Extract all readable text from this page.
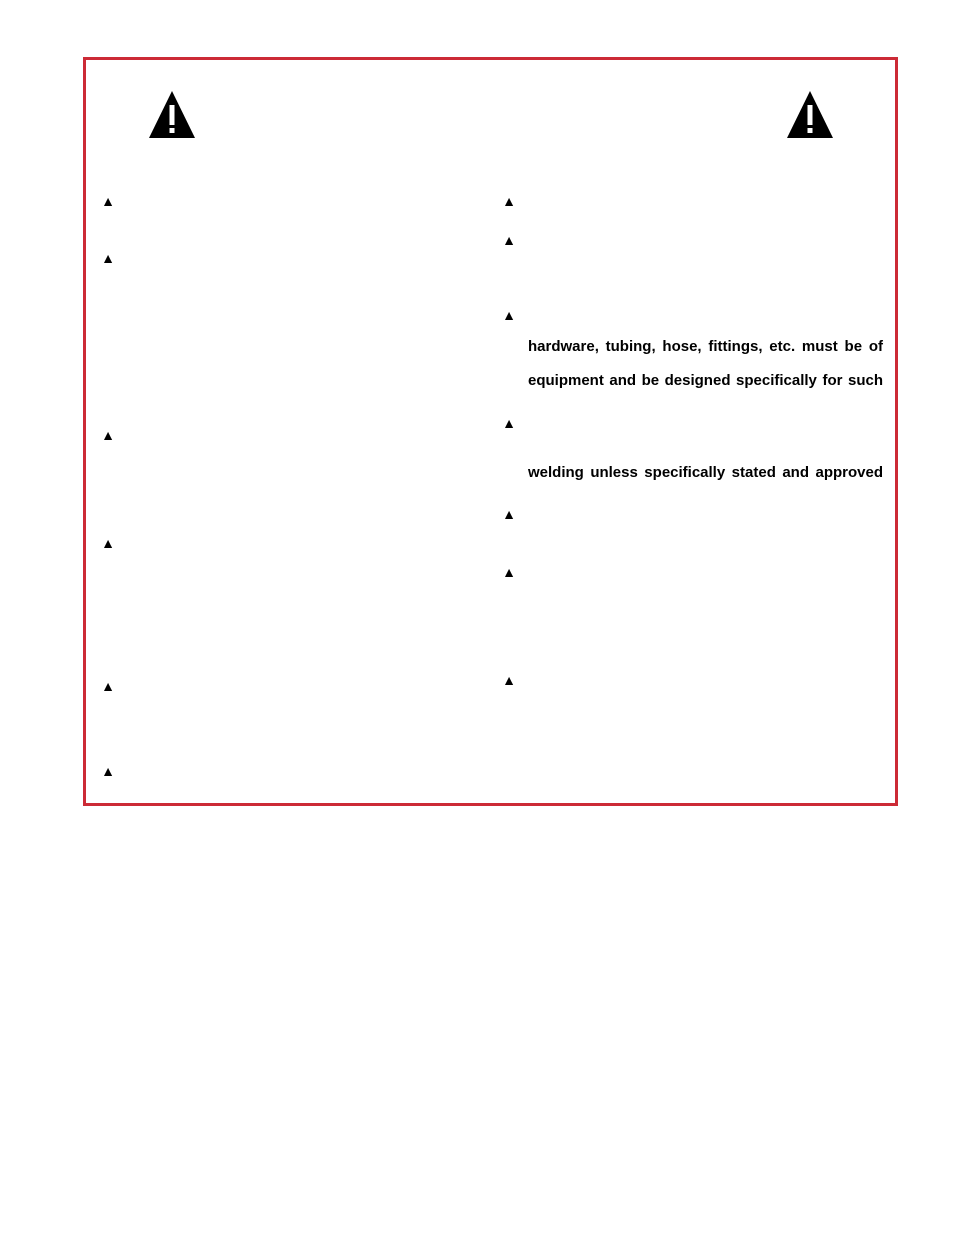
▲
▲
▲
▲
▲
▲
▲
▲
▲
▲
▲
▲
▲
hardware, tubing, hose, fittings, etc. must be of
equipment and be designed specifically for such
welding unless specifically stated and approved
